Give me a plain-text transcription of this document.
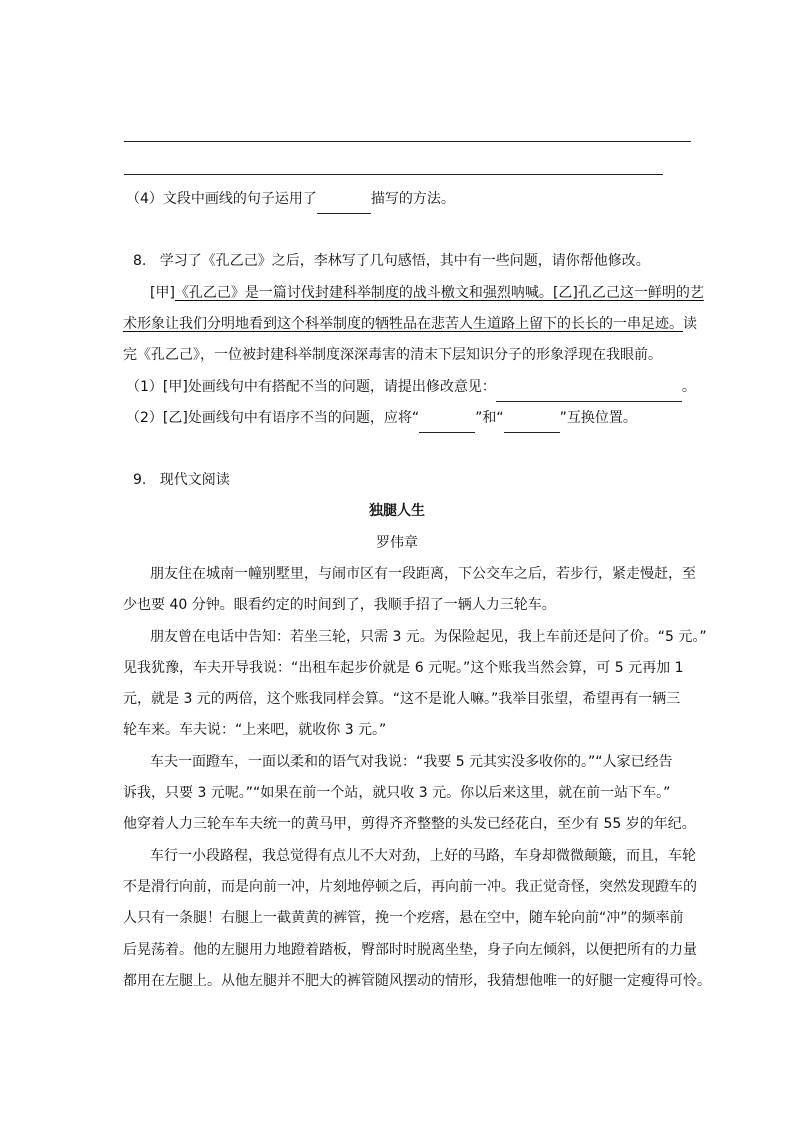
（4）文段中画线的句子运用了	描写的方法。
8. 学习了《孔乙己》之后，李林写了几句感悟，其中有一些问题，请你帮他修改。
[甲]《孔乙己》是一篇讨伐封建科举制度的战斗檄文和强烈呐喊。[乙]孔乙己这一鲜明的艺
术形象让我们分明地看到这个科举制度的牺牲品在悲苦人生道路上留下的长长的一串足迹。读
完《孔乙己》，一位被封建科举制度深深毒害的清末下层知识分子的形象浮现在我眼前。
（1）[甲]处画线句中有搭配不当的问题，请提出修改意见：	。
（2）[乙]处画线句中有语序不当的问题，应将“	”和“	”互换位置。
9. 现代文阅读
独腿人生
罗伟章
朋友住在城南一幢别墅里，与闹市区有一段距离，下公交车之后，若步行，紧走慢赶，至
少也要 40 分钟。眼看约定的时间到了，我顺手招了一辆人力三轮车。
朋友曾在电话中告知：若坐三轮，只需 3 元。为保险起见，我上车前还是问了价。“5 元。”
见我犹豫，车夫开导我说：“出租车起步价就是 6 元呢。”这个账我当然会算，可 5 元再加 1
元，就是 3 元的两倍，这个账我同样会算。“这不是讹人嘛。”我举目张望，希望再有一辆三
轮车来。车夫说：“上来吧，就收你 3 元。”
车夫一面蹬车，一面以柔和的语气对我说：“我要 5 元其实没多收你的。”“人家已经告
诉我，只要 3 元呢。”“如果在前一个站，就只收 3 元。你以后来这里，就在前一站下车。”
他穿着人力三轮车车夫统一的黄马甲，剪得齐齐整整的头发已经花白，至少有 55 岁的年纪。
车行一小段路程，我总觉得有点儿不大对劲，上好的马路，车身却微微颠簸，而且，车轮
不是滑行向前，而是向前一冲，片刻地停顿之后，再向前一冲。我正觉奇怪，突然发现蹬车的
人只有一条腿！右腿上一截黄黄的裤管，挽一个疙瘩，悬在空中，随车轮向前“冲”的频率前
后晃荡着。他的左腿用力地蹬着踏板，臀部时时脱离坐垫，身子向左倾斜，以便把所有的力量
都用在左腿上。从他左腿并不肥大的裤管随风摆动的情形，我猜想他唯一的好腿一定瘦得可怜。
